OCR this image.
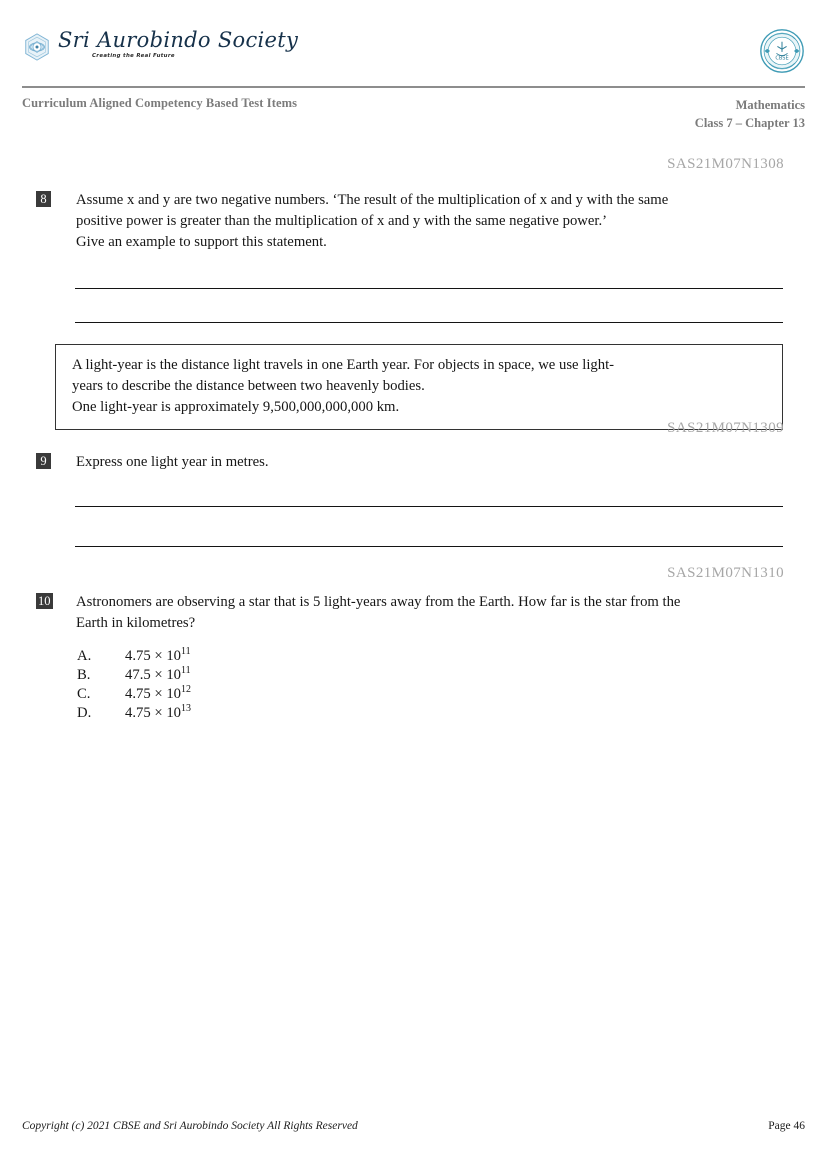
Sri Aurobindo Society
Creating the Real Future	CBSE
Curriculum Aligned Competency Based Test Items	Mathematics
Class 7 – Chapter 13
SAS21M07N1308
8 Assume x and y are two negative numbers. ‘The result of the multiplication of x and y with the same
positive power is greater than the multiplication of x and y with the same negative power.’
Give an example to support this statement.

A light-year is the distance light travels in one Earth year. For objects in space, we use light-

years to describe the distance between two heavenly bodies.

One light-year is approximately 9,500,000,000,000 km.

SAS21M07N1309
9 Express one light year in metres.
SAS21M07N1310
10 Astronomers are observing a star that is 5 light-years away from the Earth. How far is the star from the
Earth in kilometres?
A.	$4.75 \times 10^{11}$
B.	$47.5 \times 10^{11}$
C.	$4.75 \times 10^{12}$
D.	$4.75 \times 10^{13}$
Copyright (c) 2021 CBSE and Sri Aurobindo Society All Rights Reserved	Page 46
